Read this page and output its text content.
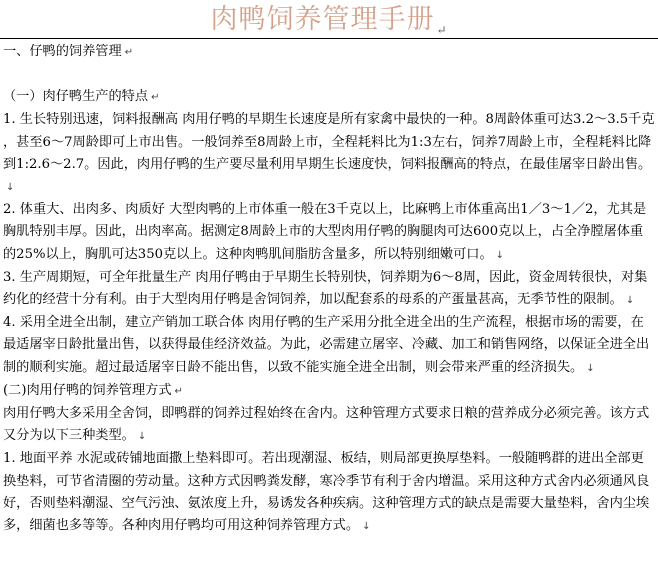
肉鸭饲养管理手册 $_↵$

一、仔鸭的饲养管理 ↵

（一）肉仔鸭生产的特点 ↵

1. 生长特别迅速，饲料报酬高 肉用仔鸭的早期生长速度是所有家禽中最快的一种。8周龄体重可达3.2～3.5千克，甚至6～7周龄即可上市出售。一般饲养至8周龄上市，全程耗料比为1:3左右，饲养7周龄上市，全程耗料比降到1:2.6～2.7。因此，肉用仔鸭的生产要尽量利用早期生长速度快，饲料报酬高的特点，在最佳屠宰日龄出售。↓

2. 体重大、出肉多、肉质好 大型肉鸭的上市体重一般在3千克以上，比麻鸭上市体重高出1／3～1／2，尤其是胸肌特别丰厚。因此，出肉率高。据测定8周龄上市的大型肉用仔鸭的胸腿肉可达600克以上，占全净膛屠体重的25%以上，胸肌可达350克以上。这种肉鸭肌间脂肪含量多，所以特别细嫩可口。 ↓

3. 生产周期短，可全年批量生产 肉用仔鸭由于早期生长特别快，饲养期为6～8周，因此，资金周转很快，对集约化的经营十分有利。由于大型肉用仔鸭是舍饲饲养，加以配套系的母系的产蛋量甚高，无季节性的限制。 ↓

4. 采用全进全出制，建立产销加工联合体 肉用仔鸭的生产采用分批全进全出的生产流程，根据市场的需要，在最适屠宰日龄批量出售，以获得最佳经济效益。为此，必需建立屠宰、冷藏、加工和销售网络，以保证全进全出制的顺利实施。超过最适屠宰日龄不能出售，以致不能实施全进全出制，则会带来严重的经济损失。 ↓

(二)肉用仔鸭的饲养管理方式 ↵

肉用仔鸭大多采用全舍饲，即鸭群的饲养过程始终在舍内。这种管理方式要求日粮的营养成分必须完善。该方式又分为以下三种类型。 ↓

1. 地面平养 水泥或砖铺地面撒上垫料即可。若出现潮湿、板结，则局部更换厚垫料。一般随鸭群的进出全部更换垫料，可节省清圈的劳动量。这种方式因鸭粪发酵，寒冷季节有利于舍内增温。采用这种方式舍内必须通风良好，否则垫料潮湿、空气污浊、氨浓度上升，易诱发各种疾病。这种管理方式的缺点是需要大量垫料，舍内尘埃多，细菌也多等等。各种肉用仔鸭均可用这种饲养管理方式。 ↓
